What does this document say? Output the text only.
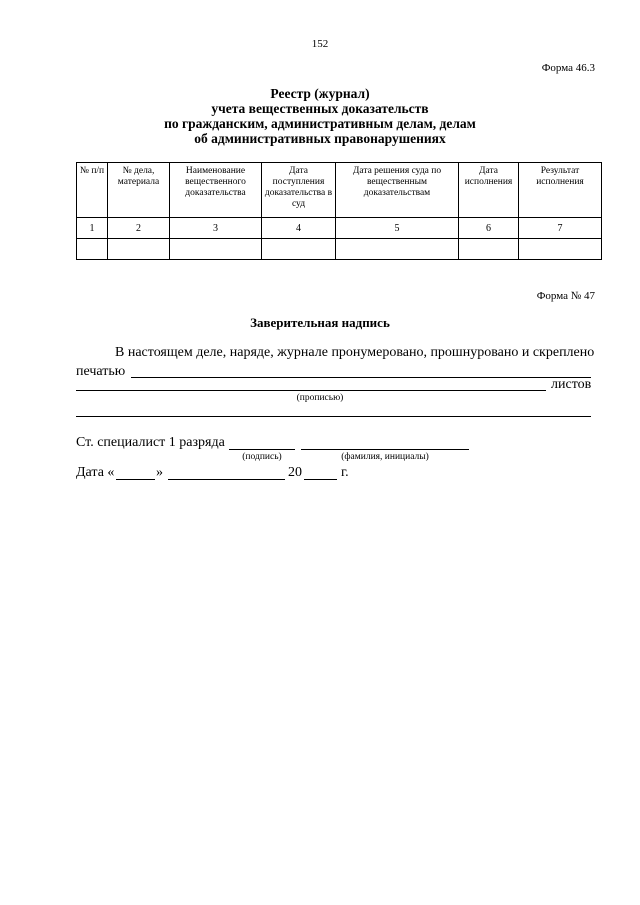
152
Форма 46.3
Реестр (журнал)
учета вещественных доказательств
по гражданским, административным делам, делам
об административных правонарушениях
№ п/п	№ дела, материала	Наименование вещественного доказательства	Дата поступления доказательства в суд	Дата решения суда по вещественным доказательствам	Дата исполнения	Результат исполнения
1	2	3	4	5	6	7

Форма № 47
Заверительная надпись
В настоящем деле, наряде, журнале пронумеровано, прошнуровано и скреплено
печатью
листов
(прописью)
Ст. специалист 1 разряда
(подпись)	(фамилия, инициалы)
Дата «	»	20	г.
